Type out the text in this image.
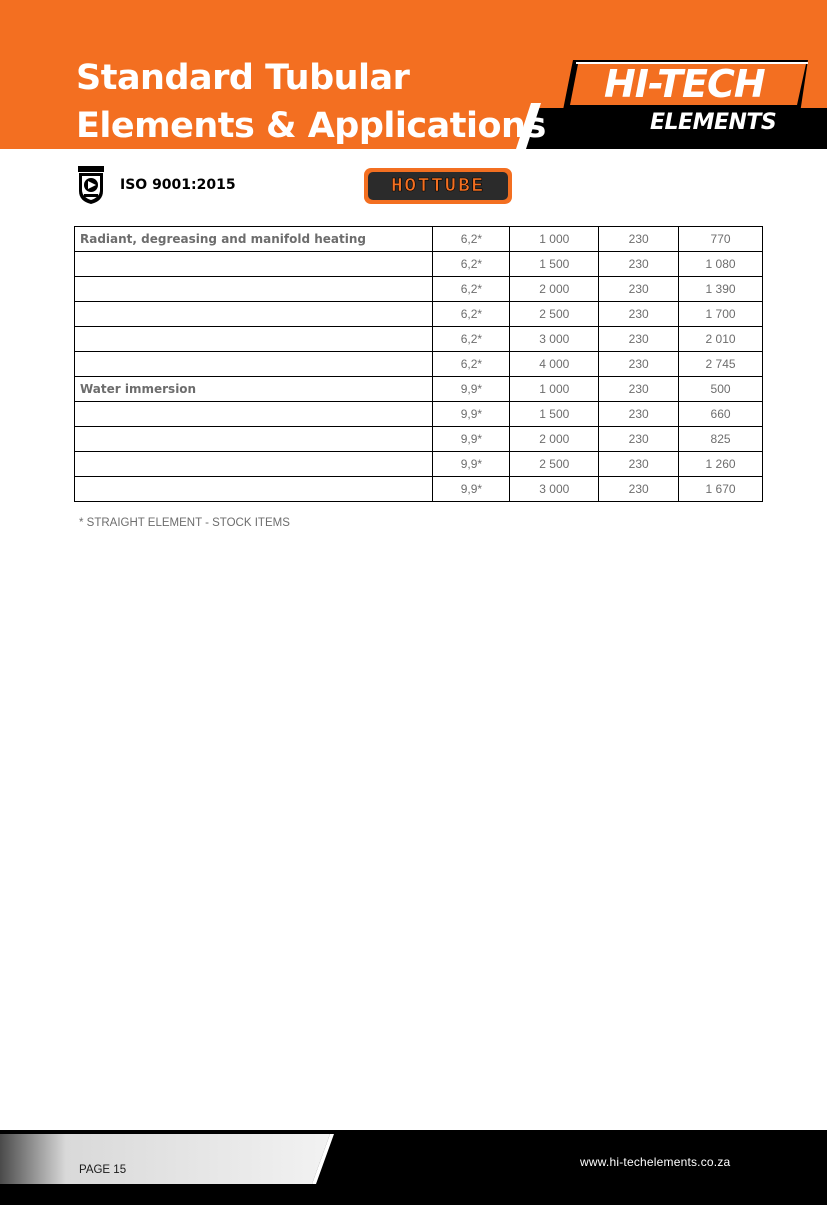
Standard Tubular
Elements & Applications
HI-TECH
ELEMENTS
ISO 9001:2015	HOTTUBE
Radiant, degreasing and manifold heating	6,2*	1 000	230	770
	6,2*	1 500	230	1 080
	6,2*	2 000	230	1 390
	6,2*	2 500	230	1 700
	6,2*	3 000	230	2 010
	6,2*	4 000	230	2 745
Water immersion	9,9*	1 000	230	500
	9,9*	1 500	230	660
	9,9*	2 000	230	825
	9,9*	2 500	230	1 260
	9,9*	3 000	230	1 670
* STRAIGHT ELEMENT - STOCK ITEMS
PAGE 15
www.hi-techelements.co.za
